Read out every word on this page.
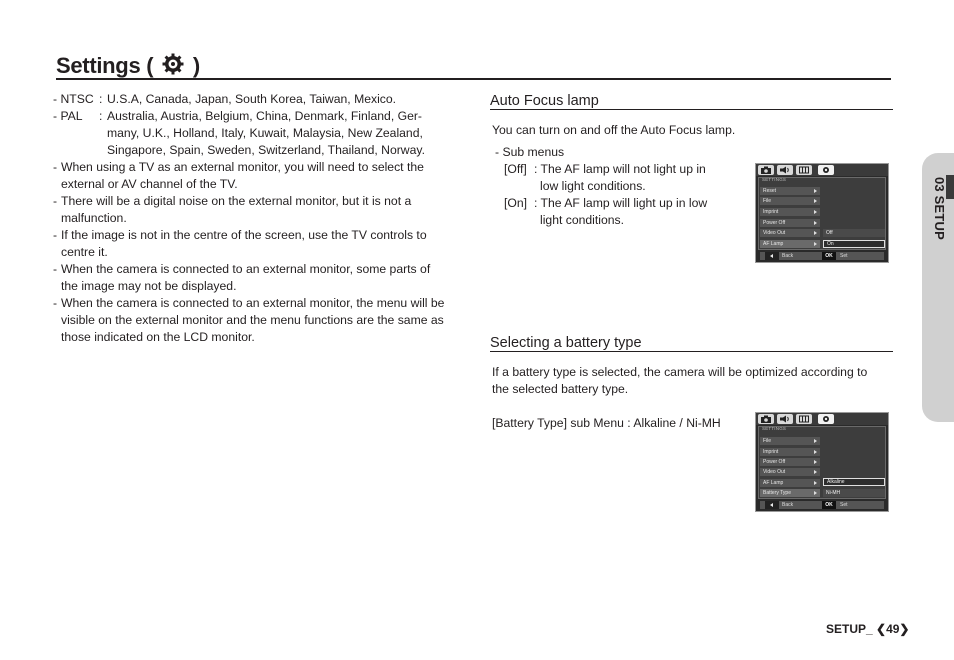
Settings ( )
- NTSC : U.S.A, Canada, Japan, South Korea, Taiwan, Mexico.
- PAL : Australia, Austria, Belgium, China, Denmark, Finland, Ger-
many, U.K., Holland, Italy, Kuwait, Malaysia, New Zealand,
Singapore, Spain, Sweden, Switzerland, Thailand, Norway.
- When using a TV as an external monitor, you will need to select the
external or AV channel of the TV.
- There will be a digital noise on the external monitor, but it is not a
malfunction.
- If the image is not in the centre of the screen, use the TV controls to
centre it.
- When the camera is connected to an external monitor, some parts of
the image may not be displayed.
- When the camera is connected to an external monitor, the menu will be
visible on the external monitor and the menu functions are the same as
those indicated on the LCD monitor.
Auto Focus lamp
You can turn on and off the Auto Focus lamp.
- Sub menus
[Off] : The AF lamp will not light up in
low light conditions.
[On] : The AF lamp will light up in low
light conditions.
SETTINGS
Reset
File
Imprint
Power Off
Video Out
AF Lamp
Off
On
Back	OK	Set
Selecting a battery type
If a battery type is selected, the camera will be optimized according to
the selected battery type.
[Battery Type] sub Menu : Alkaline / Ni-MH	SETTINGS
File
Imprint
Power Off
Video Out
AF Lamp
Battery Type
Alkaline
Ni-MH
Back	OK	Set
03 SETUP
SETUP_ ❮49❯
